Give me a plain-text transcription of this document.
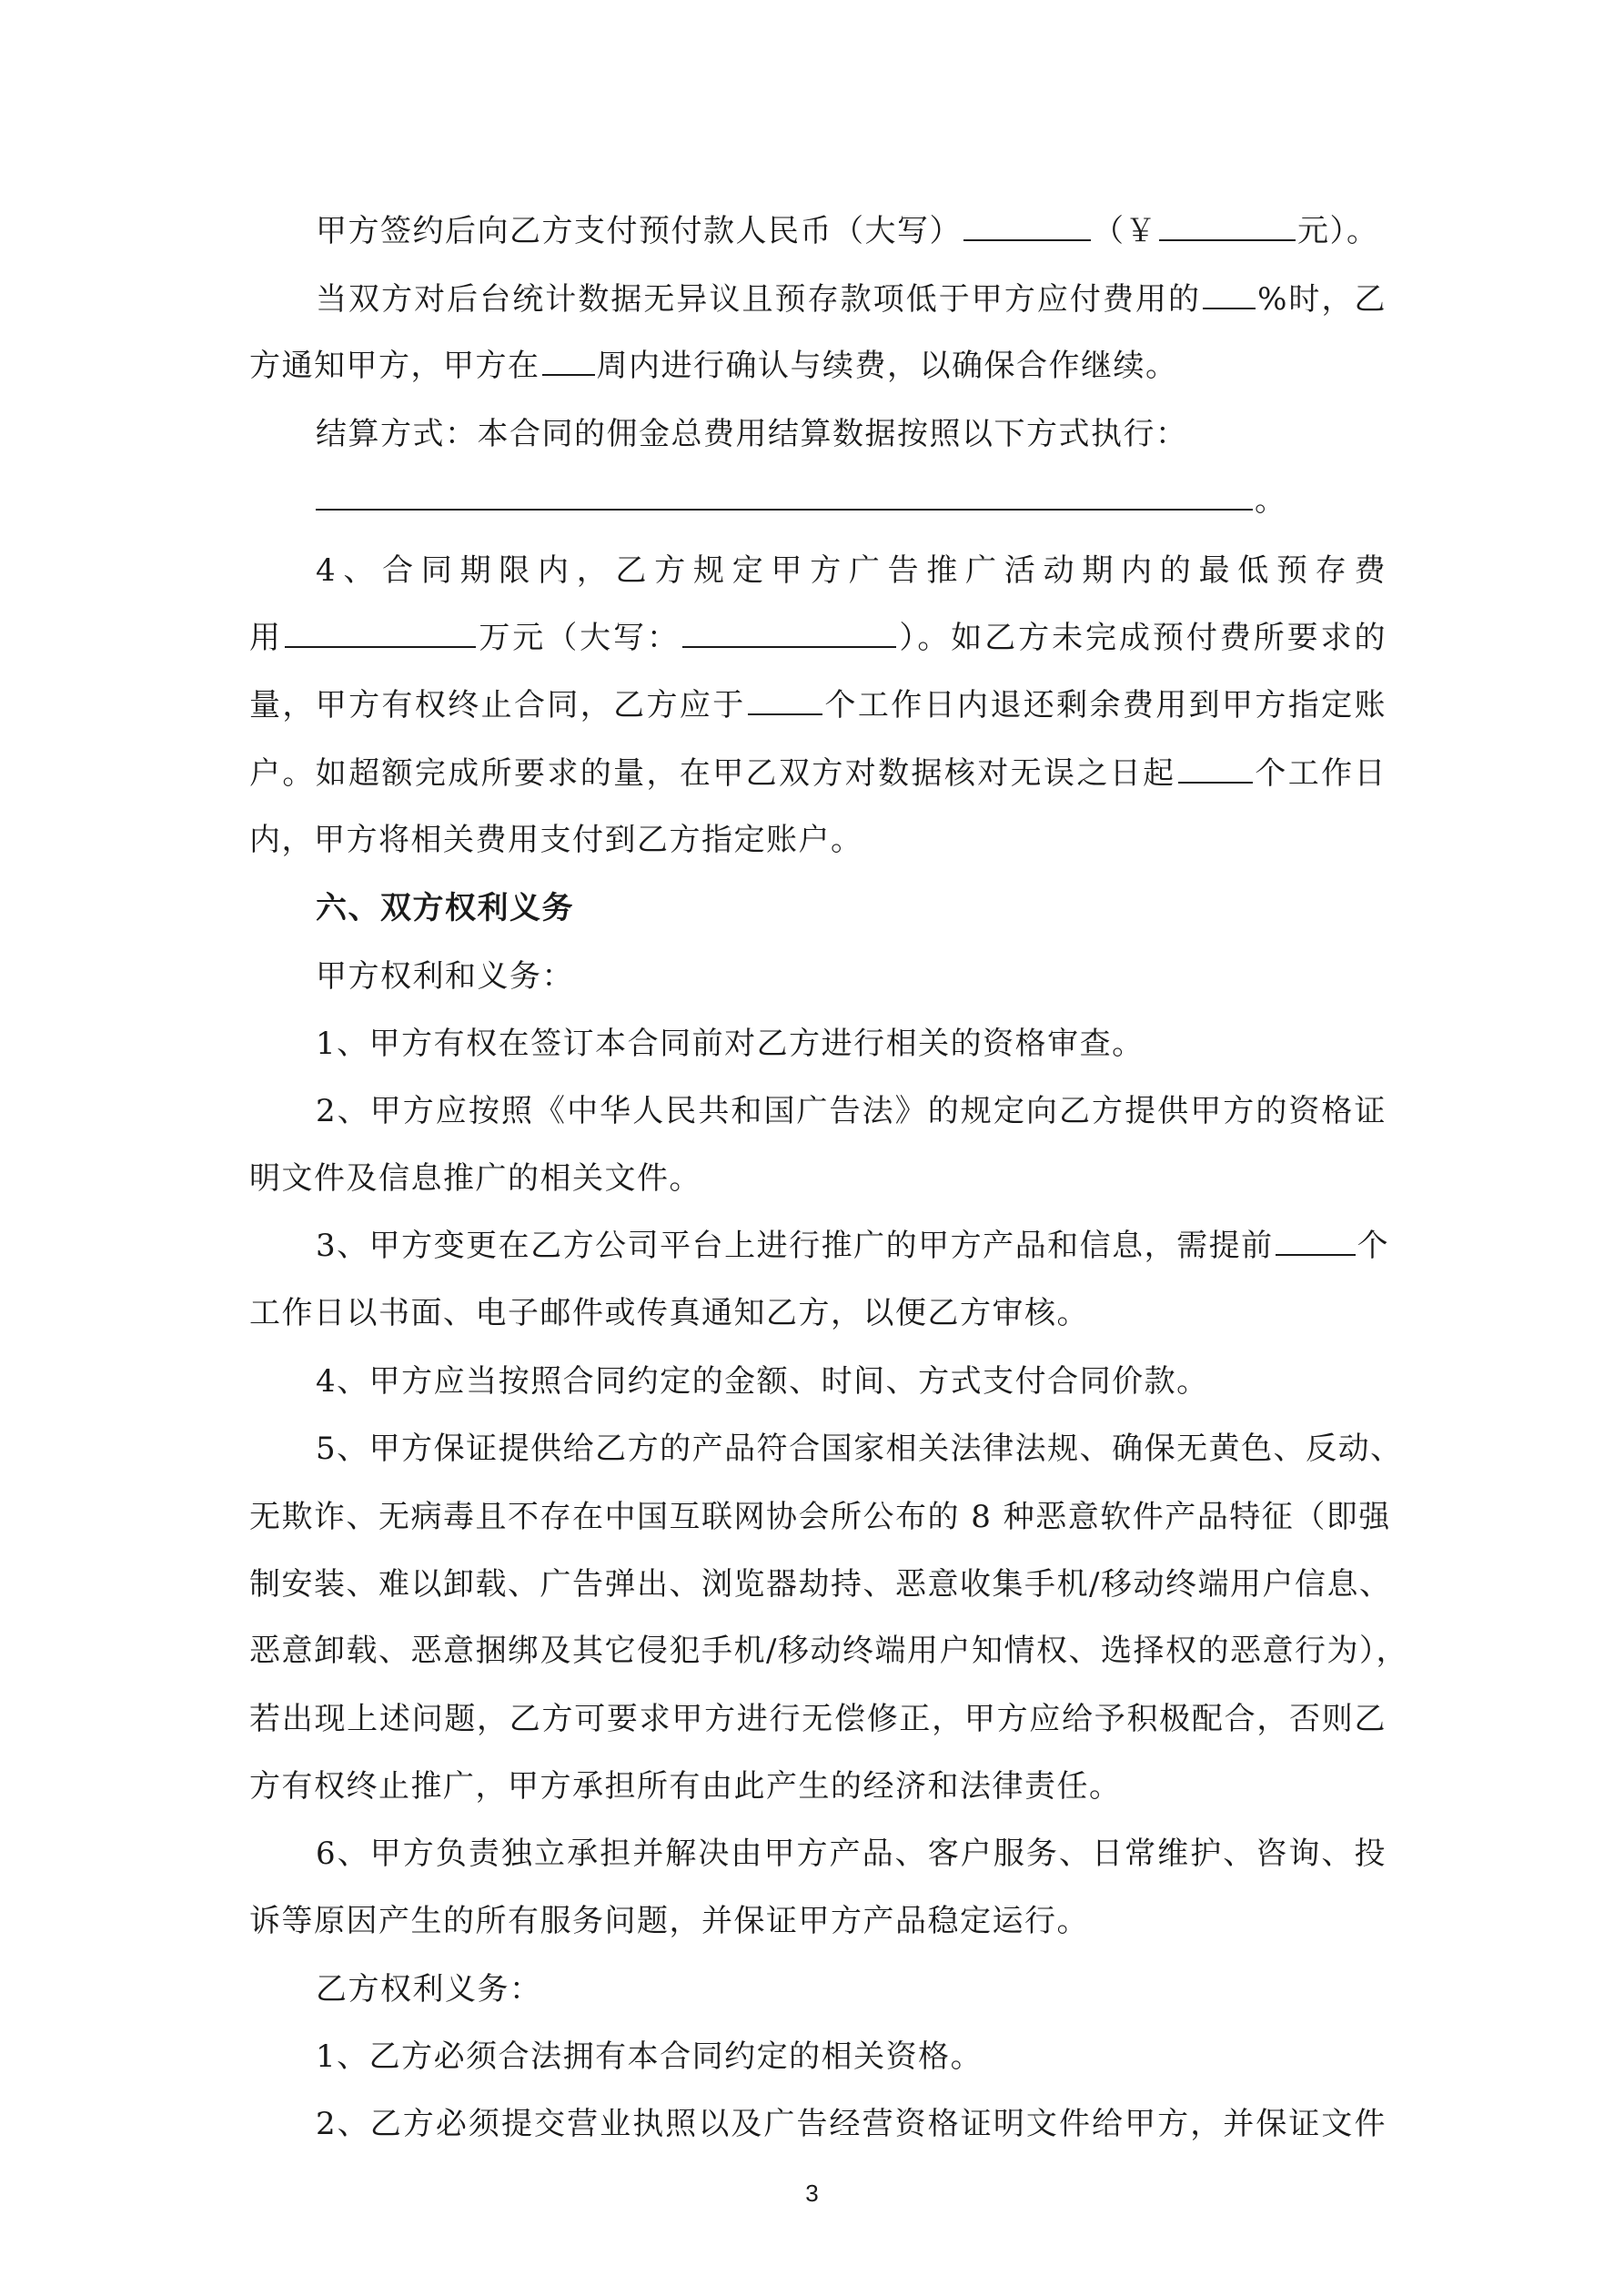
甲方签约后向乙方支付预付款人民币（大写）	（￥	元）。
当双方对后台统计数据无异议且预存款项低于甲方应付费用的 %时，乙
方通知甲方，甲方在 周内进行确认与续费，以确保合作继续。
结算方式：本合同的佣金总费用结算数据按照以下方式执行：
。
4、合同期限内，乙方规定甲方广告推广活动期内的最低预存费
用	万元（大写：	）。如乙方未完成预付费所要求的
量，甲方有权终止合同，乙方应于	个工作日内退还剩余费用到甲方指定账
户。如超额完成所要求的量，在甲乙双方对数据核对无误之日起	个工作日
内，甲方将相关费用支付到乙方指定账户。
六、双方权利义务
甲方权利和义务：
1、甲方有权在签订本合同前对乙方进行相关的资格审查。
2、甲方应按照《中华人民共和国广告法》的规定向乙方提供甲方的资格证
明文件及信息推广的相关文件。
3、甲方变更在乙方公司平台上进行推广的甲方产品和信息，需提前	个
工作日以书面、电子邮件或传真通知乙方，以便乙方审核。
4、甲方应当按照合同约定的金额、时间、方式支付合同价款。
5、甲方保证提供给乙方的产品符合国家相关法律法规、确保无黄色、反动、
无欺诈、无病毒且不存在中国互联网协会所公布的 8 种恶意软件产品特征（即强
制安装、难以卸载、广告弹出、浏览器劫持、恶意收集手机/移动终端用户信息、
恶意卸载、恶意捆绑及其它侵犯手机/移动终端用户知情权、选择权的恶意行为），
若出现上述问题，乙方可要求甲方进行无偿修正，甲方应给予积极配合，否则乙
方有权终止推广，甲方承担所有由此产生的经济和法律责任。
6、甲方负责独立承担并解决由甲方产品、客户服务、日常维护、咨询、投
诉等原因产生的所有服务问题，并保证甲方产品稳定运行。
乙方权利义务：
1、乙方必须合法拥有本合同约定的相关资格。
2、乙方必须提交营业执照以及广告经营资格证明文件给甲方，并保证文件
3
